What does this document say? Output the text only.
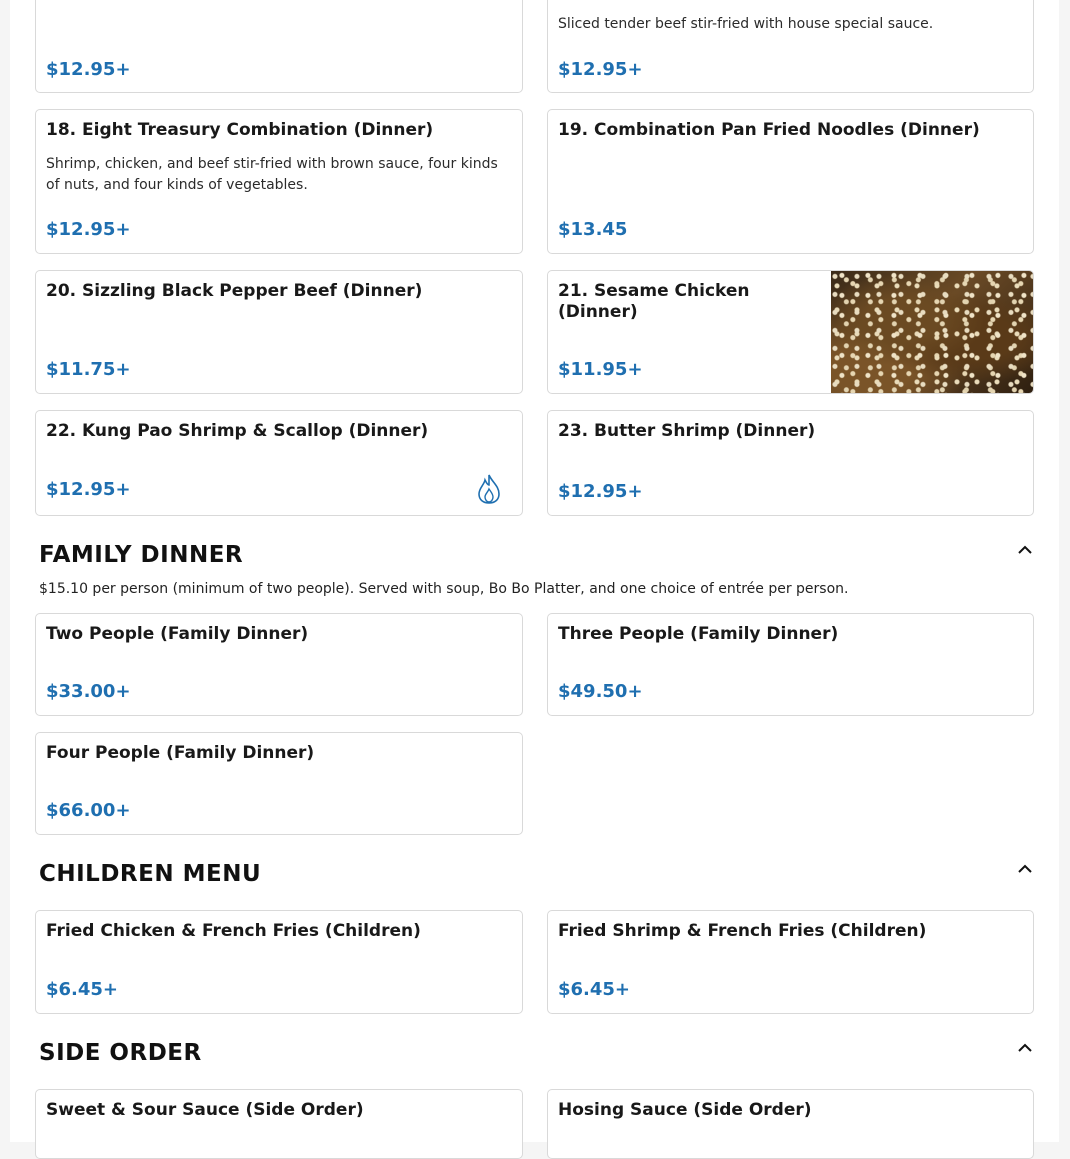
$12.95+
Sliced tender beef stir-fried with house special sauce.
$12.95+
18. Eight Treasury Combination (Dinner)
Shrimp, chicken, and beef stir-fried with brown sauce, four kinds of nuts, and four kinds of vegetables.
$12.95+
19. Combination Pan Fried Noodles (Dinner)
$13.45
20. Sizzling Black Pepper Beef (Dinner)
$11.75+
21. Sesame Chicken (Dinner)
$11.95+
22. Kung Pao Shrimp & Scallop (Dinner)
$12.95+
23. Butter Shrimp (Dinner)
$12.95+
FAMILY DINNER
$15.10 per person (minimum of two people). Served with soup, Bo Bo Platter, and one choice of entrée per person.
Two People (Family Dinner)
$33.00+
Three People (Family Dinner)
$49.50+
Four People (Family Dinner)
$66.00+
CHILDREN MENU
Fried Chicken & French Fries (Children)
$6.45+
Fried Shrimp & French Fries (Children)
$6.45+
SIDE ORDER
Sweet & Sour Sauce (Side Order)	Hosing Sauce (Side Order)
